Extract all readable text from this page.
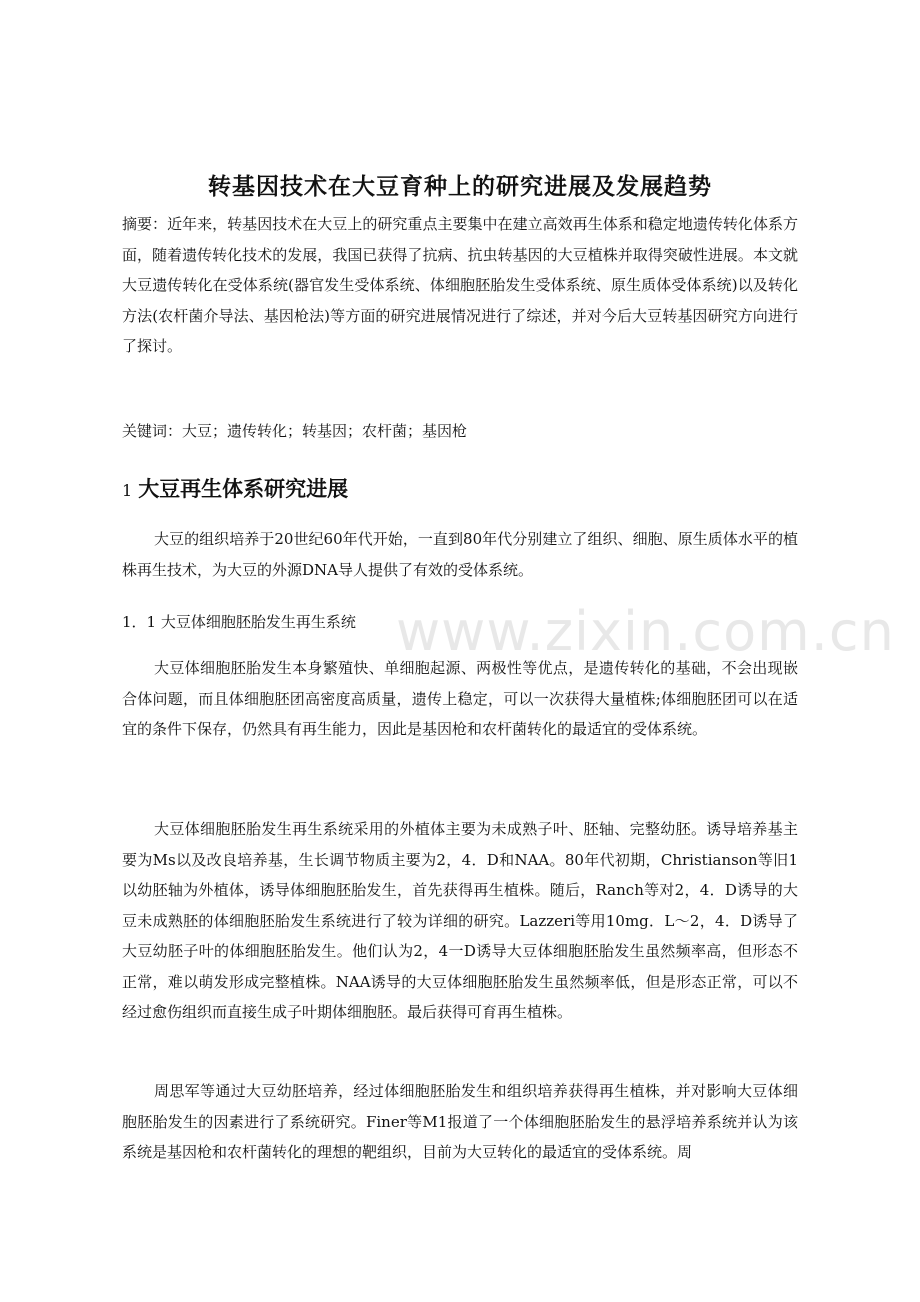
转基因技术在大豆育种上的研究进展及发展趋势

摘要：近年来，转基因技术在大豆上的研究重点主要集中在建立高效再生体系和稳定地遗传转化体系方面，随着遗传转化技术的发展，我国已获得了抗病、抗虫转基因的大豆植株并取得突破性进展。本文就大豆遗传转化在受体系统(器官发生受体系统、体细胞胚胎发生受体系统、原生质体受体系统)以及转化方法(农杆菌介导法、基因枪法)等方面的研究进展情况进行了综述，并对今后大豆转基因研究方向进行了探讨。

关键词：大豆；遗传转化；转基因；农杆菌；基因枪

1 大豆再生体系研究进展

大豆的组织培养于20世纪60年代开始，一直到80年代分别建立了组织、细胞、原生质体水平的植株再生技术，为大豆的外源DNA导人提供了有效的受体系统。

1．1 大豆体细胞胚胎发生再生系统

大豆体细胞胚胎发生本身繁殖快、单细胞起源、两极性等优点，是遗传转化的基础，不会出现嵌合体问题，而且体细胞胚团高密度高质量，遗传上稳定，可以一次获得大量植株;体细胞胚团可以在适宜的条件下保存，仍然具有再生能力，因此是基因枪和农杆菌转化的最适宜的受体系统。

大豆体细胞胚胎发生再生系统采用的外植体主要为未成熟子叶、胚轴、完整幼胚。诱导培养基主要为Ms以及改良培养基，生长调节物质主要为2，4．D和NAA。80年代初期，Christianson等旧1以幼胚轴为外植体，诱导体细胞胚胎发生，首先获得再生植株。随后，Ranch等对2，4．D诱导的大豆未成熟胚的体细胞胚胎发生系统进行了较为详细的研究。Lazzeri等用10mg．L～2，4．D诱导了大豆幼胚子叶的体细胞胚胎发生。他们认为2，4一D诱导大豆体细胞胚胎发生虽然频率高，但形态不正常，难以萌发形成完整植株。NAA诱导的大豆体细胞胚胎发生虽然频率低，但是形态正常，可以不经过愈伤组织而直接生成子叶期体细胞胚。最后获得可育再生植株。

周思军等通过大豆幼胚培养，经过体细胞胚胎发生和组织培养获得再生植株，并对影响大豆体细胞胚胎发生的因素进行了系统研究。Finer等M1报道了一个体细胞胚胎发生的悬浮培养系统并认为该系统是基因枪和农杆菌转化的理想的靶组织，目前为大豆转化的最适宜的受体系统。周

www.zixin.com.cn
